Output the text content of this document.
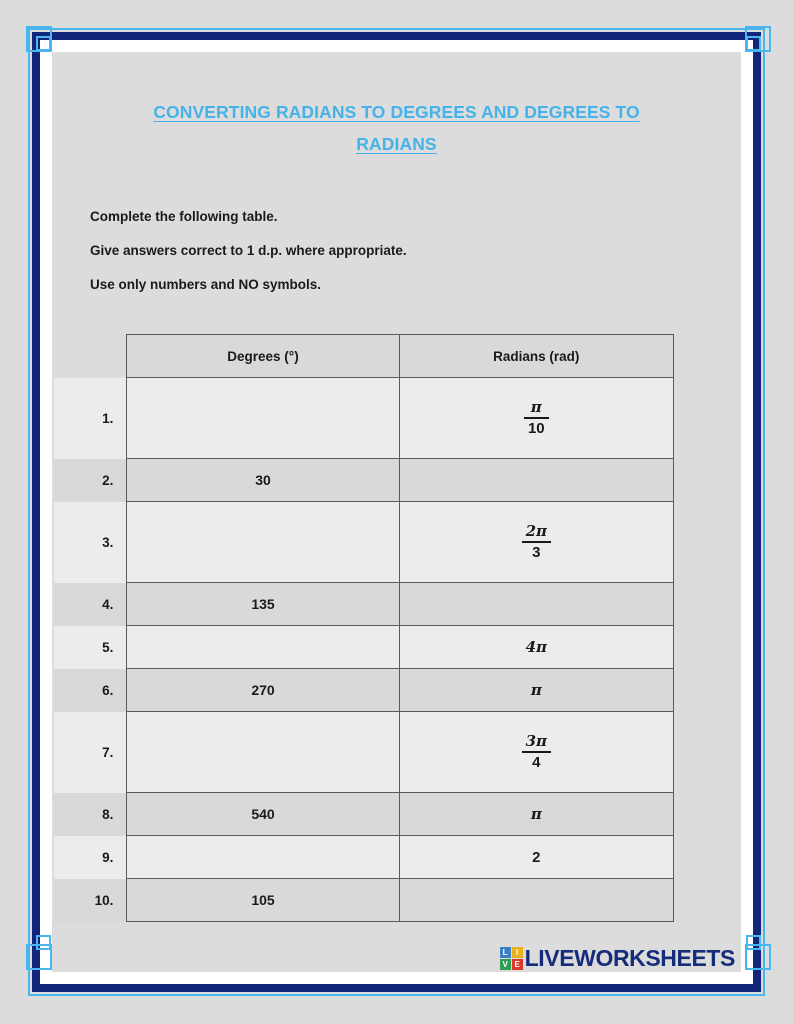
CONVERTING RADIANS TO DEGREES AND DEGREES TO
RADIANS
Complete the following table.
Give answers correct to 1 d.p. where appropriate.
Use only numbers and NO symbols.
	Degrees (°)	Radians (rad)
1.		$\frac{\pi}{10}$

2.	30	
3.		$\frac{2\pi}{3}$

4.	135	
5.		4π
6.	270	π
7.		$\frac{3\pi}{4}$

8.	540	π
9.		2
10.	105	
L	I
V E LIVEWORKSHEETS
